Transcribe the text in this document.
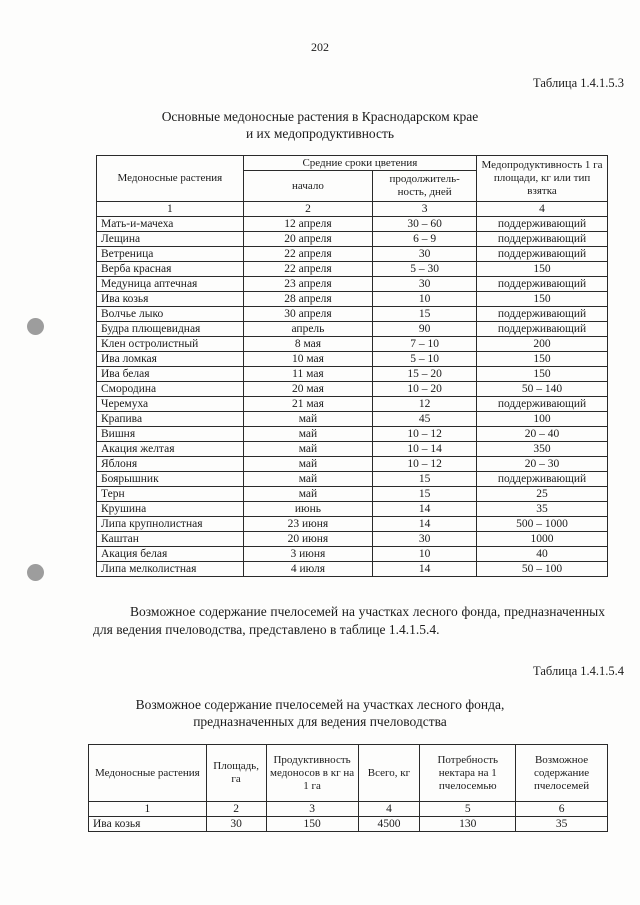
202
Таблица 1.4.1.5.3
Основные медоносные растения в Краснодарском крае
и их медопродуктивность
Медоносные растения	Средние сроки цветения		Медопродуктивность 1 га площади, кг или тип взятка
	начало	продолжитель-ность, дней	
1	2	3	4
Мать-и-мачеха	12 апреля	30 – 60	поддерживающий
Лещина	20 апреля	6 – 9	поддерживающий
Ветреница	22 апреля	30	поддерживающий
Верба красная	22 апреля	5 – 30	150
Медуница аптечная	23 апреля	30	поддерживающий
Ива козья	28 апреля	10	150
Волчье лыко	30 апреля	15	поддерживающий
Будра плющевидная	апрель	90	поддерживающий
Клен остролистный	8 мая	7 – 10	200
Ива ломкая	10 мая	5 – 10	150
Ива белая	11 мая	15 – 20	150
Смородина	20 мая	10 – 20	50 – 140
Черемуха	21 мая	12	поддерживающий
Крапива	май	45	100
Вишня	май	10 – 12	20 – 40
Акация желтая	май	10 – 14	350
Яблоня	май	10 – 12	20 – 30
Боярышник	май	15	поддерживающий
Терн	май	15	25
Крушина	июнь	14	35
Липа крупнолистная	23 июня	14	500 – 1000
Каштан	20 июня	30	1000
Акация белая	3 июня	10	40
Липа мелколистная	4 июля	14	50 – 100
Возможное содержание пчелосемей на участках лесного фонда, предназначенных для ведения пчеловодства, представлено в таблице 1.4.1.5.4.
Таблица 1.4.1.5.4
Возможное содержание пчелосемей на участках лесного фонда,
предназначенных для ведения пчеловодства
Медоносные растения	Площадь, га	Продуктивность медоносов в кг на 1 га	Всего, кг	Потребность нектара на 1 пчелосемью	Возможное содержание пчелосемей
1	2	3	4	5	6
Ива козья	30	150	4500	130	35
